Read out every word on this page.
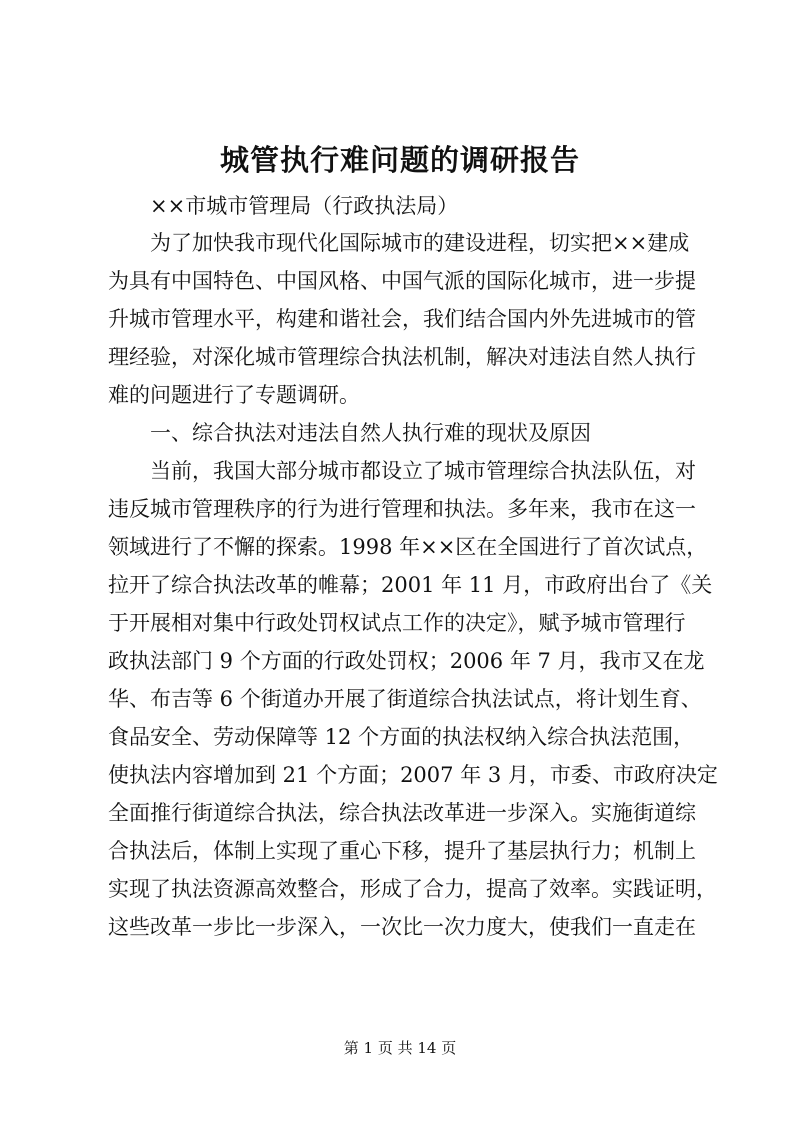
城管执行难问题的调研报告
××市城市管理局（行政执法局）
为了加快我市现代化国际城市的建设进程，切实把××建成
为具有中国特色、中国风格、中国气派的国际化城市，进一步提
升城市管理水平，构建和谐社会，我们结合国内外先进城市的管
理经验，对深化城市管理综合执法机制，解决对违法自然人执行
难的问题进行了专题调研。
一、综合执法对违法自然人执行难的现状及原因
当前，我国大部分城市都设立了城市管理综合执法队伍，对
违反城市管理秩序的行为进行管理和执法。多年来，我市在这一
领域进行了不懈的探索。1998 年××区在全国进行了首次试点，
拉开了综合执法改革的帷幕；2001 年 11 月，市政府出台了《关
于开展相对集中行政处罚权试点工作的决定》，赋予城市管理行
政执法部门 9 个方面的行政处罚权；2006 年 7 月，我市又在龙
华、布吉等 6 个街道办开展了街道综合执法试点，将计划生育、
食品安全、劳动保障等 12 个方面的执法权纳入综合执法范围，
使执法内容增加到 21 个方面；2007 年 3 月，市委、市政府决定
全面推行街道综合执法，综合执法改革进一步深入。实施街道综
合执法后，体制上实现了重心下移，提升了基层执行力；机制上
实现了执法资源高效整合，形成了合力，提高了效率。实践证明，
这些改革一步比一步深入，一次比一次力度大，使我们一直走在
第 1 页 共 14 页
